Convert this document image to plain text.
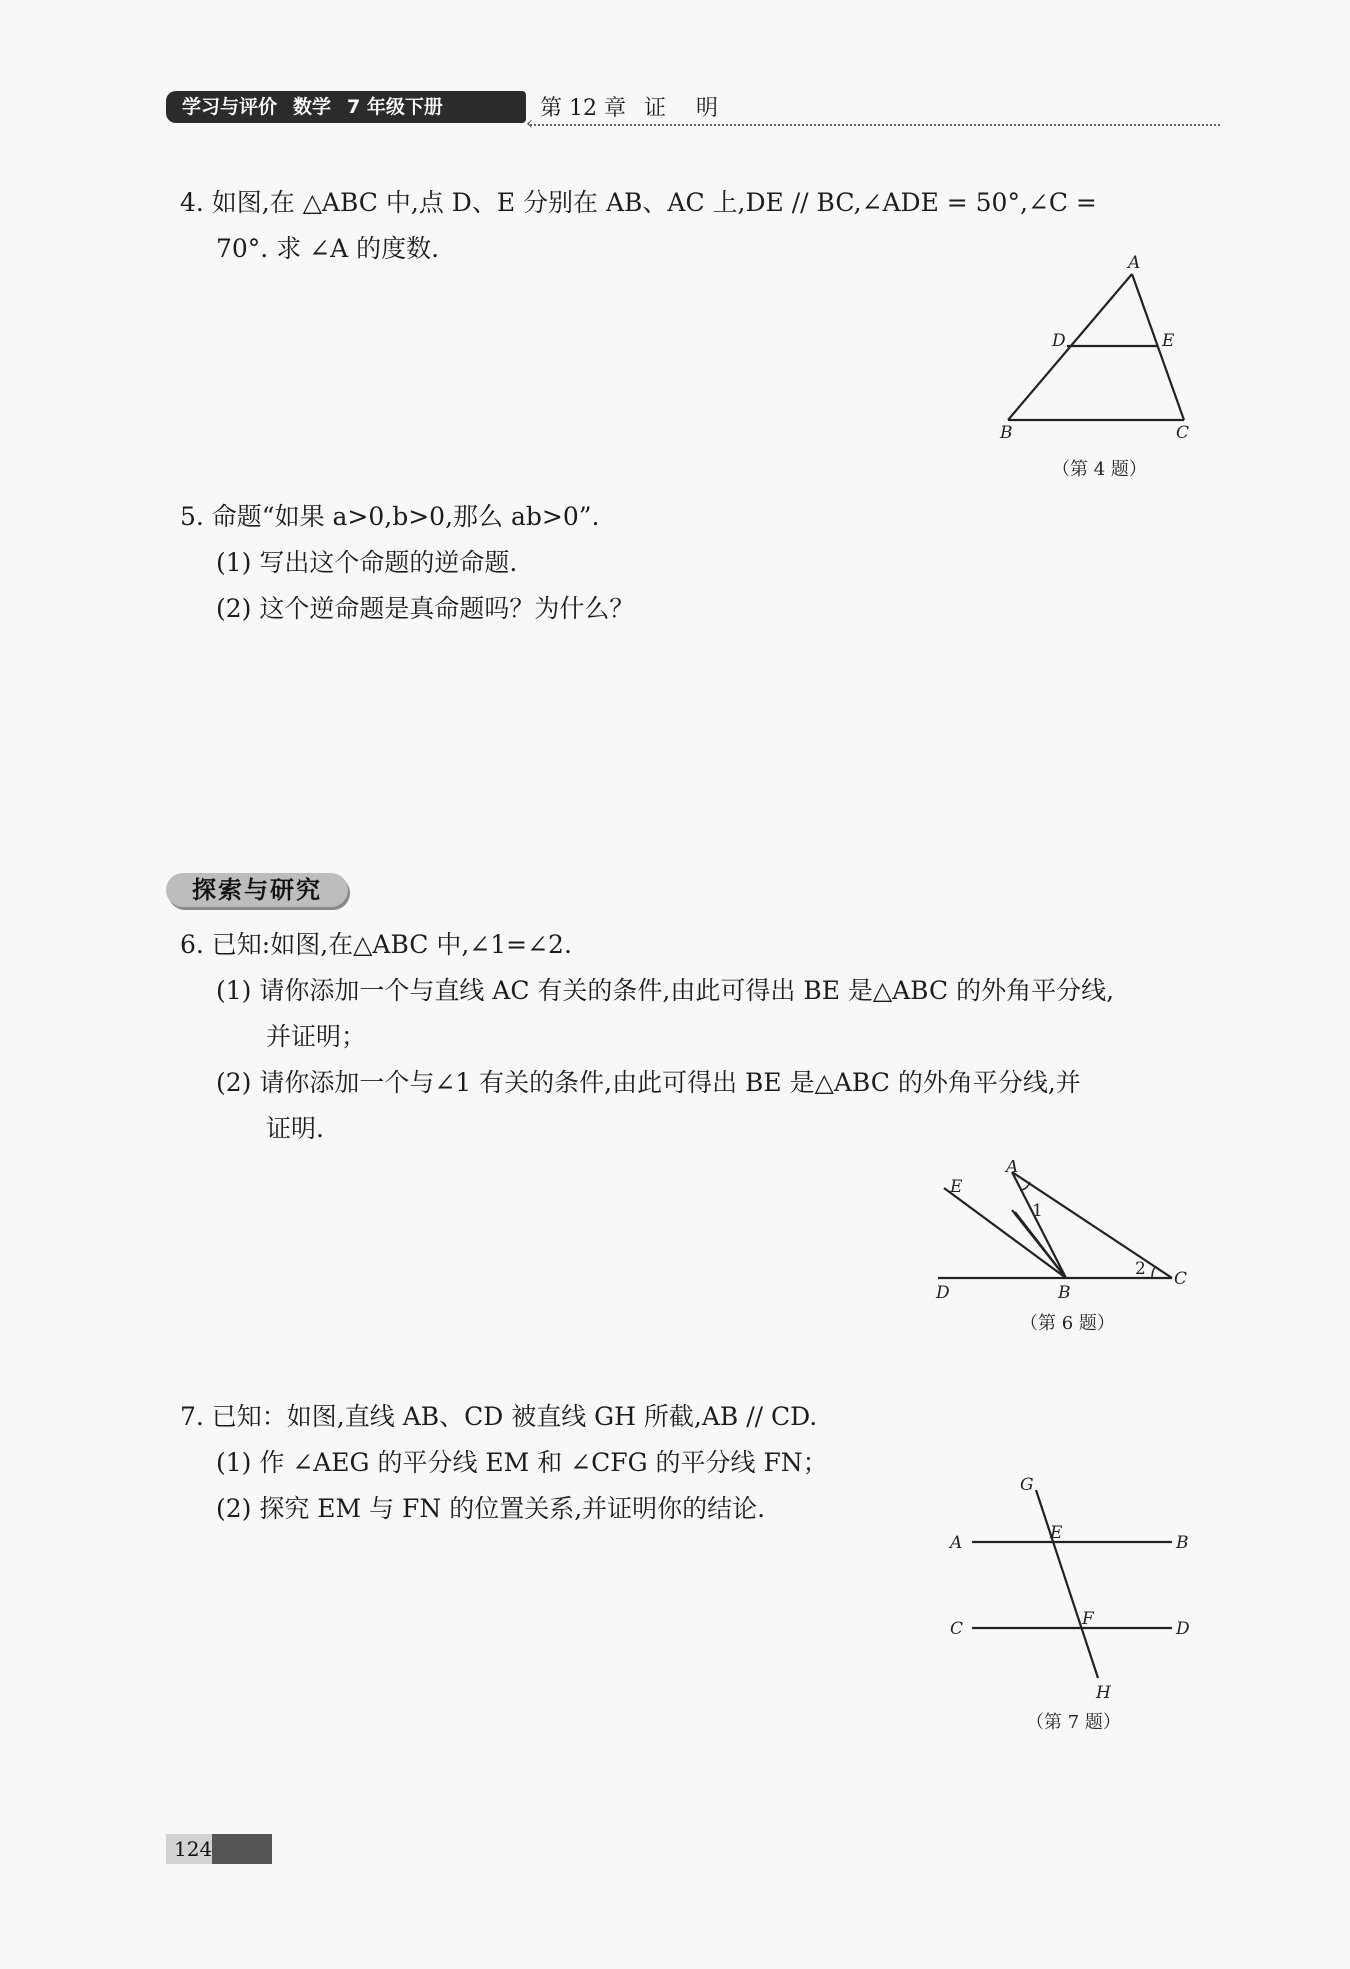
学习与评价 数学 7 年级下册
‹
第 12 章 证明
4. 如图,在 △ABC 中,点 D、E 分别在 AB、AC 上,DE // BC,∠ADE = 50°,∠C =
70°. 求 ∠A 的度数.	A
D	E
B	C
（第 4 题）
5. 命题“如果 a>0,b>0,那么 ab>0”.
(1) 写出这个命题的逆命题.
(2) 这个逆命题是真命题吗？为什么？
探索与研究
6. 已知:如图,在△ABC 中,∠1=∠2.
(1) 请你添加一个与直线 AC 有关的条件,由此可得出 BE 是△ABC 的外角平分线,
并证明；
(2) 请你添加一个与∠1 有关的条件,由此可得出 BE 是△ABC 的外角平分线,并
证明.
A
E
1
2 C
D	B
（第 6 题）
7. 已知：如图,直线 AB、CD 被直线 GH 所截,AB // CD.
(1) 作 ∠AEG 的平分线 EM 和 ∠CFG 的平分线 FN；
(2) 探究 EM 与 FN 的位置关系,并证明你的结论.
G
E
A	B
F
C	D
H
（第 7 题）
124
